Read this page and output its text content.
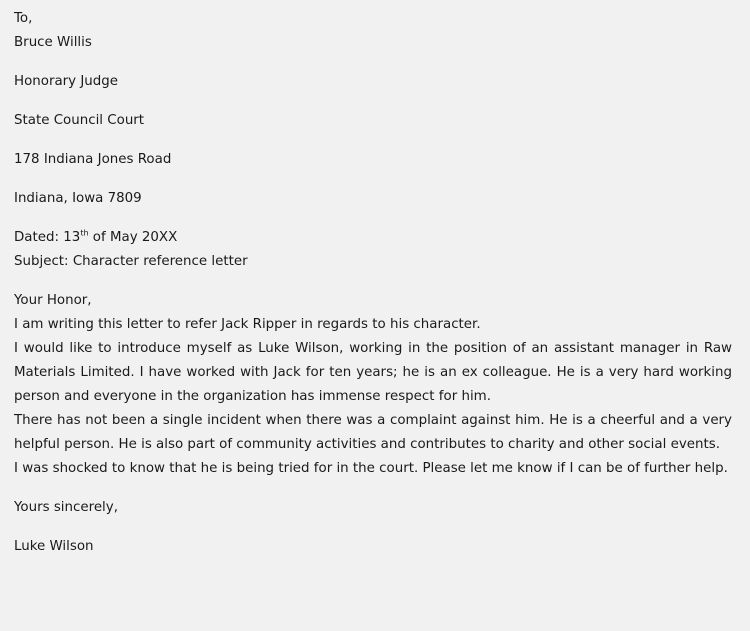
To,

Bruce Willis

Honorary Judge

State Council Court

178 Indiana Jones Road

Indiana, Iowa 7809

Dated: 13th of May 20XX

Subject: Character reference letter

Your Honor,

I am writing this letter to refer Jack Ripper in regards to his character.

I would like to introduce myself as Luke Wilson, working in the position of an assistant manager in Raw Materials Limited. I have worked with Jack for ten years; he is an ex colleague. He is a very hard working person and everyone in the organization has immense respect for him.

There has not been a single incident when there was a complaint against him. He is a cheerful and a very helpful person. He is also part of community activities and contributes to charity and other social events.

I was shocked to know that he is being tried for in the court. Please let me know if I can be of further help.

Yours sincerely,

Luke Wilson
